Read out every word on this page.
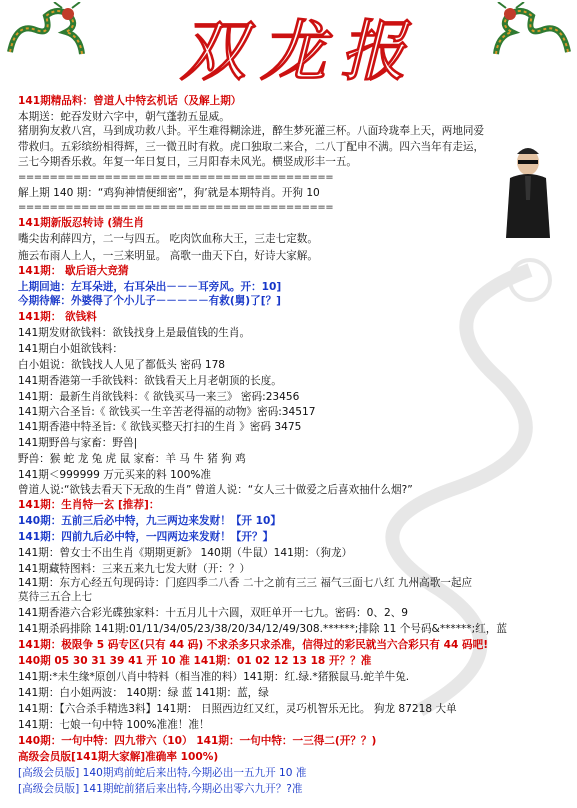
双龙报
141期精品料：曾道人中特玄机话（及解上期）
本期送：蛇吞发财六字中，朝气蓬勃五显威。
猪朋狗友救八宫，马到成功救八卦。平生难得糊涂进，醉生梦死灌三杯。八面玲珑奉上天，两地同爱
带救归。五彩缤纷相得辉，三一微丑时有救。虎口独取二来合，二八丁配申不满。四六当年有走运，
三七今期香乐救。年复一年日复日，三月阳春未风光。横竖成形丰一五。
========================================
解上期 140 期：“鸡狗神情便细密”，狗’就是本期特肖。开狗 10
========================================
141期新版忍转诗 (猜生肖
嘴尖齿利薛四方，二一与四五。 吃肉饮血称大王，三走七定数。
施云布雨人上人，一三来明显。 高歌一曲天下白，好诗大家解。
141期： 歇后语大竞猜
上期回迪：左耳朵进，右耳朵出－－－耳旁风。开：10]
今期待解：外婆得了个小儿子－－－－－有救(舅)了[？]
141期： 欲钱料
141期发财欲钱料：欲钱找身上是最值钱的生肖。
141期白小姐欲钱料：
白小姐说：欲钱找人人见了都低头 密码 178
141期香港第一手欲钱料：欲钱看天上月老朝顶的长度。
141期：最新生肖欲钱料：《 欲钱买马一来三》 密码:23456
141期六合圣旨:《 欲钱买一生辛苦老得福的动物》密码:34517
141期香港中特圣旨:《 欲钱买整天打扫的生肖 》密码 3475
141期野兽与家畜：野兽|
野兽：猴 蛇 龙 兔 虎 鼠 家畜：羊 马 牛 猪 狗 鸡
141期＜999999 万元买来的料 100%准
曾道人说:“欲钱去看天下无敌的生肖” 曾道人说：“女人三十做爱之后喜欢抽什么烟?”
141期：生肖特一玄 [推荐]：
140期：五前三后必中特，九三两边来发财！【开 10】
141期：四前九后必中特，一四两边来发财！【开？】
141期：曾女士不出生肖《期期更新》 140期（牛鼠）141期：（狗龙）
141期藏特图料：三来五来九七发大财（开：？）
141期：东方心经五句现码诗：门庭四季二八香 二十之前有三三 福气三面七八红 九州高歌一起应
莫待三五合上七
141期香港六合彩光碟独家料：十五月儿十六圆，双旺单开一七九。密码：0、2、9
141期杀码排除 141期:01/11/34/05/23/38/20/34/12/49/308.******;排除 11 个号码&******;红，蓝
141期：极限争 5 码专区(只有 44 码) 不求杀多只求杀准，信得过的彩民就当六合彩只有 44 码吧!
140期 05 30 31 39 41 开 10 准 141期：01 02 12 13 18 开？？准
141期:*未生缘*原创八肖中特料（相当准的料）141期：红.绿.*猪猴鼠马.蛇羊牛兔.
141期：白小姐两波： 140期：绿 蓝 141期：蓝，绿
141期：【六合杀手精选3料】141期： 日照西边红又红，灵巧机智乐无比。 狗龙 87218 大单
141期：七娘一句中特 100%准准！准！
140期：一句中特：四九带六（10） 141期：一句中特：一三得二(开？？)
高级会员版[141期大家解]准确率 100%)
[高级会员版] 140期鸡前蛇后来出特,今期必出一五九开 10 准
[高级会员版] 141期蛇前猪后来出特,今期必出零六九开？?准
